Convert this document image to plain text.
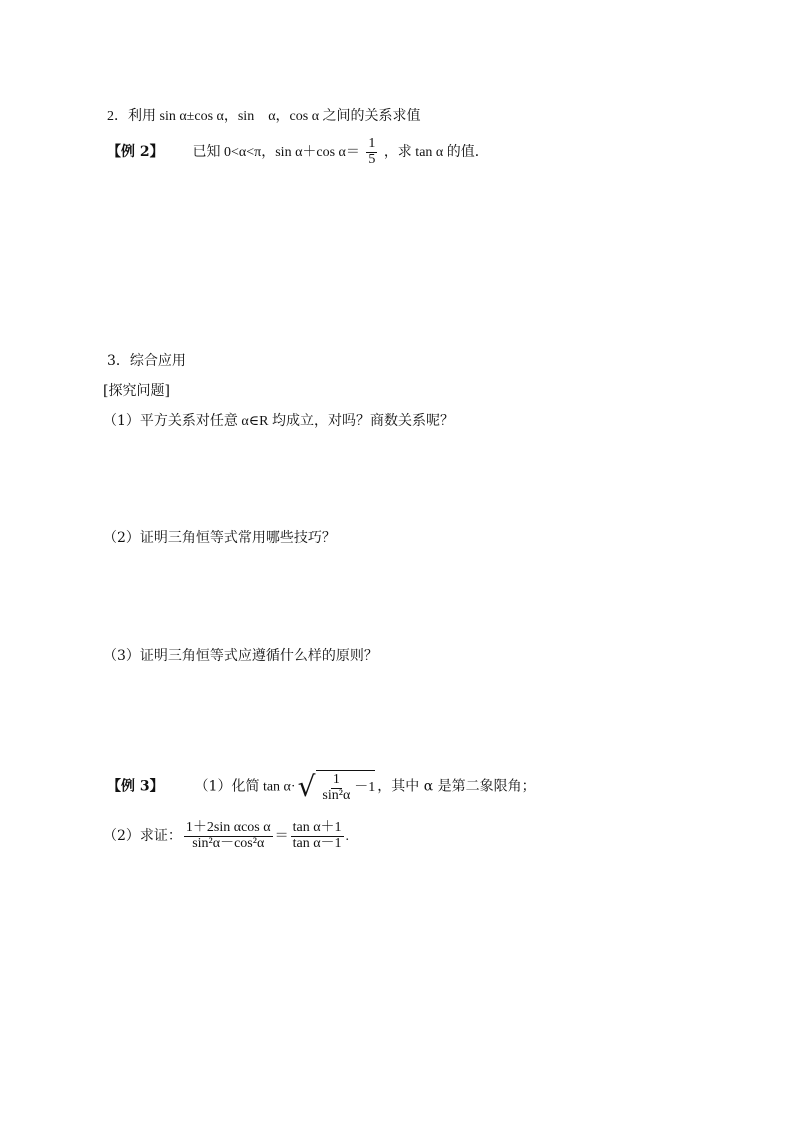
2．利用 sin α±cos α，sin　α，cos α 之间的关系求值
【例 2】 已知 0<α<π，sin α＋cos $\alpha= \frac{1}{5}$ ，求 tan α 的值．
3．综合应用
[探究问题]
（1）平方关系对任意 α∈R 均成立，对吗？商数关系呢？
（2）证明三角恒等式常用哪些技巧？
（3）证明三角恒等式应遵循什么样的原则？
【例 3】 （1）化简 tan α· √ $\frac{1}{\text{sin²α}} -1$ ，其中 α 是第二象限角；
（2）求证： $\frac{\text{1＋2sin αcos α}}{\text{sin²α－cos²α}} = \frac{\text{tan α＋1}}{\text{tan α－1}}$ .
